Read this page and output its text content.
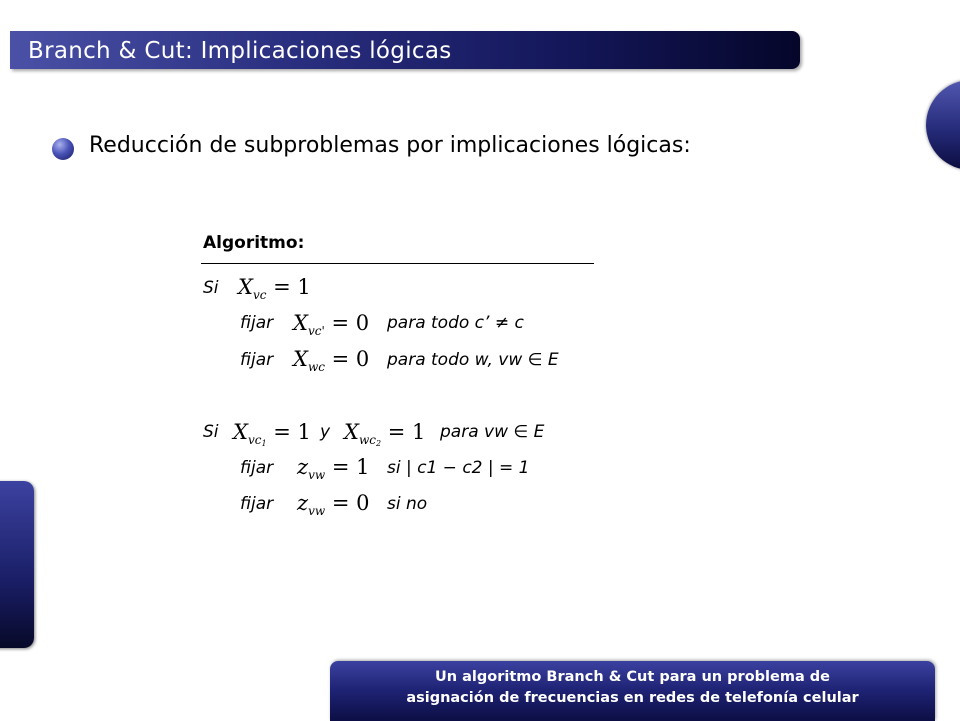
Branch & Cut: Implicaciones lógicas
Reducción de subproblemas por implicaciones lógicas:
Algoritmo:
Si $X_{vc} = 1$
fijar $X_{vc'} = 0$ para todo c’ ≠ c
fijar $X_{wc} = 0$ para todo w, vw ∈ E
Si $X_{vc1} = 1$ y $X_{wc2} = 1$ para vw ∈ E
fijar $z_{vw} = 1$ si | c1 − c2 | = 1
fijar $z_{vw} = 0$ si no
Un algoritmo Branch & Cut para un problema de
asignación de frecuencias en redes de telefonía celular
